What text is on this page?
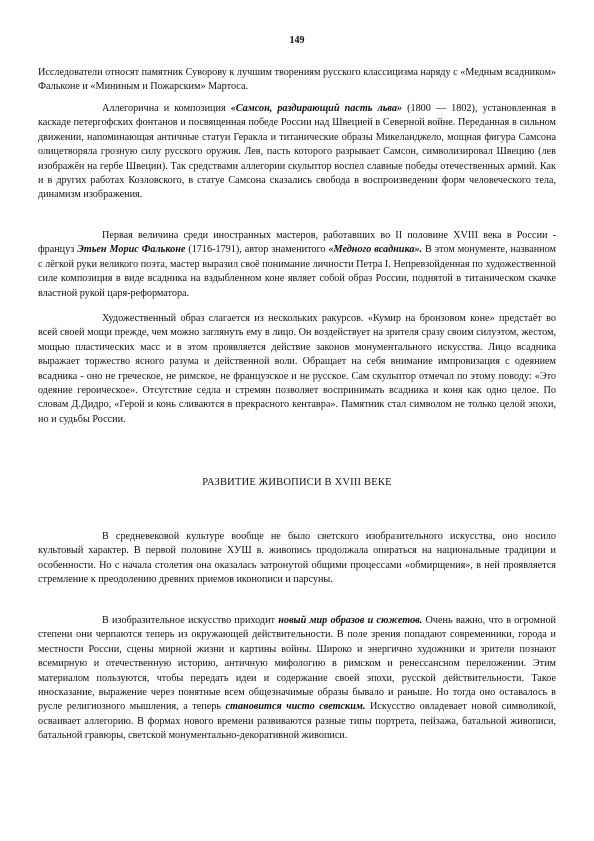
149

Исследователи относят памятник Суворову к лучшим творениям русского классицизма наряду с «Медным всадником» Фальконе и «Мининым и Пожарским» Мартоса.

Аллегорична и композиция «Самсон, раздирающий пасть льва» (1800 — 1802), установленная в каскаде петергофских фонтанов и посвященная победе России над Швецией в Северной войне. Переданная в сильном движении, напоминающая античные статуи Геракла и титанические образы Микеланджело, мощная фигура Самсона олицетворяла грозную силу русского оружия. Лев, пасть которого разрывает Самсон, символизировал Швецию (лев изображён на гербе Швеции). Так средствами аллегории скульптор воспел славные победы отечественных армий. Как и в других работах Козловского, в статуе Самсона сказались свобода в воспроизведении форм человеческого тела, динамизм изображения.

Первая величина среди иностранных мастеров, работавших во II половине XVIII века в России - француз Этьен Морис Фальконе (1716-1791), автор знаменитого «Медного всадника». В этом монументе, названном с лёгкой руки великого поэта, мастер выразил своё понимание личности Петра I. Непревзойденная по художественной силе композиция в виде всадника на вздыбленном коне являет собой образ России, поднятой в титаническом скачке властной рукой царя-реформатора.

Художественный образ слагается из нескольких ракурсов. «Кумир на бронзовом коне» предстаёт во всей своей мощи прежде, чем можно заглянуть ему в лицо. Он воздействует на зрителя сразу своим силуэтом, жестом, мощью пластических масс и в этом проявляется действие законов монументального искусства. Лицо всадника выражает торжество ясного разума и действенной воли. Обращает на себя внимание импровизация с одеянием всадника - оно не греческое, не римское, не французское и не русское. Сам скульптор отмечал по этому поводу: «Это одеяние героическое». Отсутствие седла и стремян позволяет воспринимать всадника и коня как одно целое. По словам Д.Дидро, «Герой и конь сливаются в прекрасного кентавра». Памятник стал символом не только целой эпохи, но и судьбы России.

РАЗВИТИЕ ЖИВОПИСИ В XVIII ВЕКЕ

В средневековой культуре вообще не было светского изобразительного искусства, оно носило культовый характер. В первой половине ХУШ в. живопись продолжала опираться на национальные традиции и особенности. Но с начала столетия она оказалась затронутой общими процессами «обмирщения», в ней проявляется стремление к преодолению древних приемов иконописи и парсуны.

В изобразительное искусство приходит новый мир образов и сюжетов. Очень важно, что в огромной степени они черпаются теперь из окружающей действительности. В поле зрения попадают современники, города и местности России, сцены мирной жизни и картины войны. Широко и энергично художники и зрители познают всемирную и отечественную историю, античную мифологию в римском и ренессансном переложении. Этим материалом пользуются, чтобы передать идеи и содержание своей эпохи, русской действительности. Такое иносказание, выражение через понятные всем общезначимые образы бывало и раньше. Но тогда оно оставалось в русле религиозного мышления, а теперь становится чисто светским. Искусство овладевает новой символикой, осваивает аллегорию. В формах нового времени развиваются разные типы портрета, пейзажа, батальной живописи, батальной гравюры, светской монументально-декоративной живописи.
